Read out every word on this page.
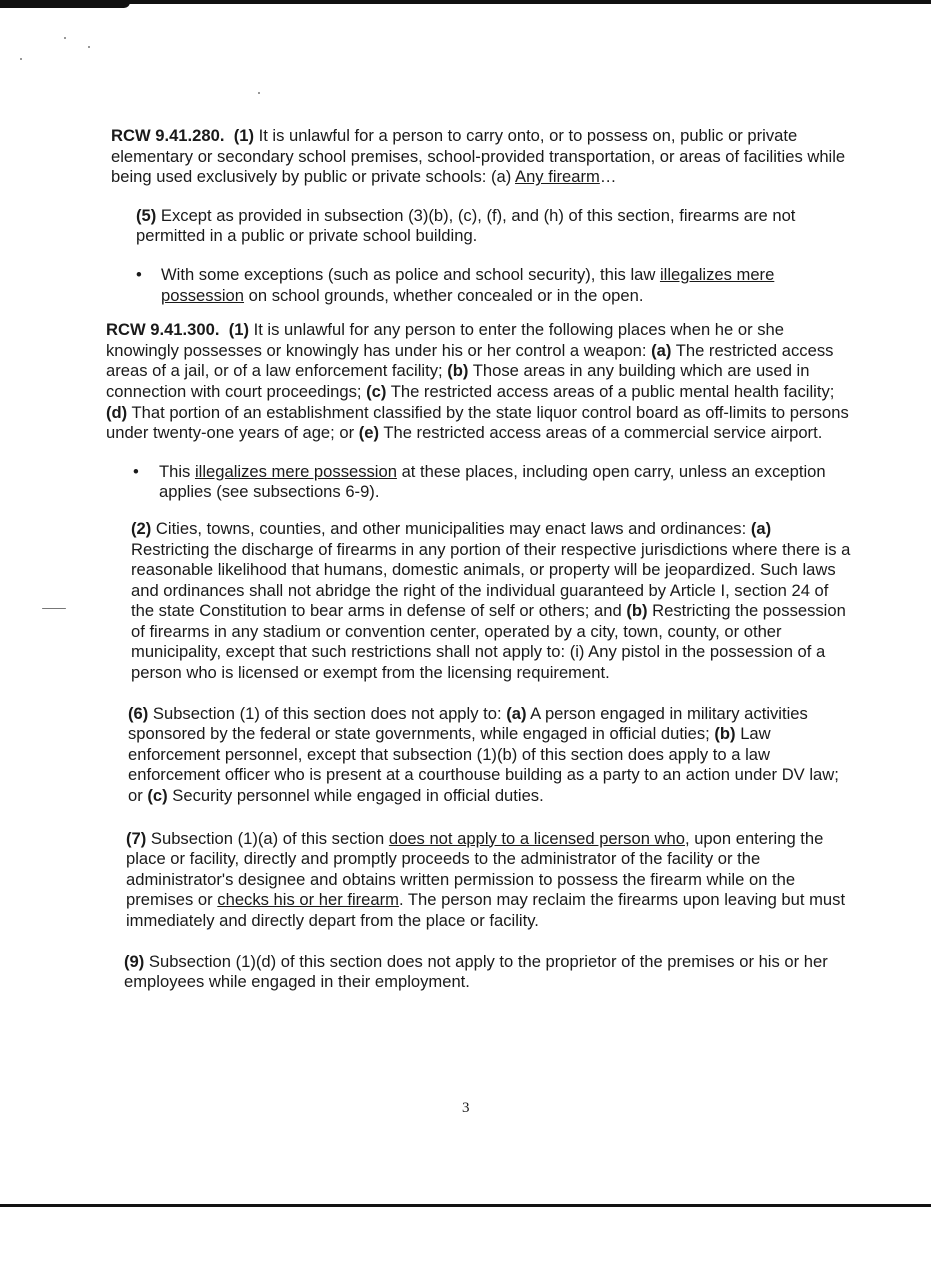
RCW 9.41.280. (1) It is unlawful for a person to carry onto, or to possess on, public or private elementary or secondary school premises, school-provided transportation, or areas of facilities while being used exclusively by public or private schools: (a) Any firearm…

(5) Except as provided in subsection (3)(b), (c), (f), and (h) of this section, firearms are not permitted in a public or private school building.

• With some exceptions (such as police and school security), this law illegalizes mere possession on school grounds, whether concealed or in the open.

RCW 9.41.300. (1) It is unlawful for any person to enter the following places when he or she knowingly possesses or knowingly has under his or her control a weapon: (a) The restricted access areas of a jail, or of a law enforcement facility; (b) Those areas in any building which are used in connection with court proceedings; (c) The restricted access areas of a public mental health facility; (d) That portion of an establishment classified by the state liquor control board as off-limits to persons under twenty-one years of age; or (e) The restricted access areas of a commercial service airport.

• This illegalizes mere possession at these places, including open carry, unless an exception applies (see subsections 6-9).

(2) Cities, towns, counties, and other municipalities may enact laws and ordinances: (a) Restricting the discharge of firearms in any portion of their respective jurisdictions where there is a reasonable likelihood that humans, domestic animals, or property will be jeopardized. Such laws and ordinances shall not abridge the right of the individual guaranteed by Article I, section 24 of the state Constitution to bear arms in defense of self or others; and (b) Restricting the possession of firearms in any stadium or convention center, operated by a city, town, county, or other municipality, except that such restrictions shall not apply to: (i) Any pistol in the possession of a person who is licensed or exempt from the licensing requirement.

(6) Subsection (1) of this section does not apply to: (a) A person engaged in military activities sponsored by the federal or state governments, while engaged in official duties; (b) Law enforcement personnel, except that subsection (1)(b) of this section does apply to a law enforcement officer who is present at a courthouse building as a party to an action under DV law; or (c) Security personnel while engaged in official duties.

(7) Subsection (1)(a) of this section does not apply to a licensed person who, upon entering the place or facility, directly and promptly proceeds to the administrator of the facility or the administrator's designee and obtains written permission to possess the firearm while on the premises or checks his or her firearm. The person may reclaim the firearms upon leaving but must immediately and directly depart from the place or facility.

(9) Subsection (1)(d) of this section does not apply to the proprietor of the premises or his or her employees while engaged in their employment.

3
